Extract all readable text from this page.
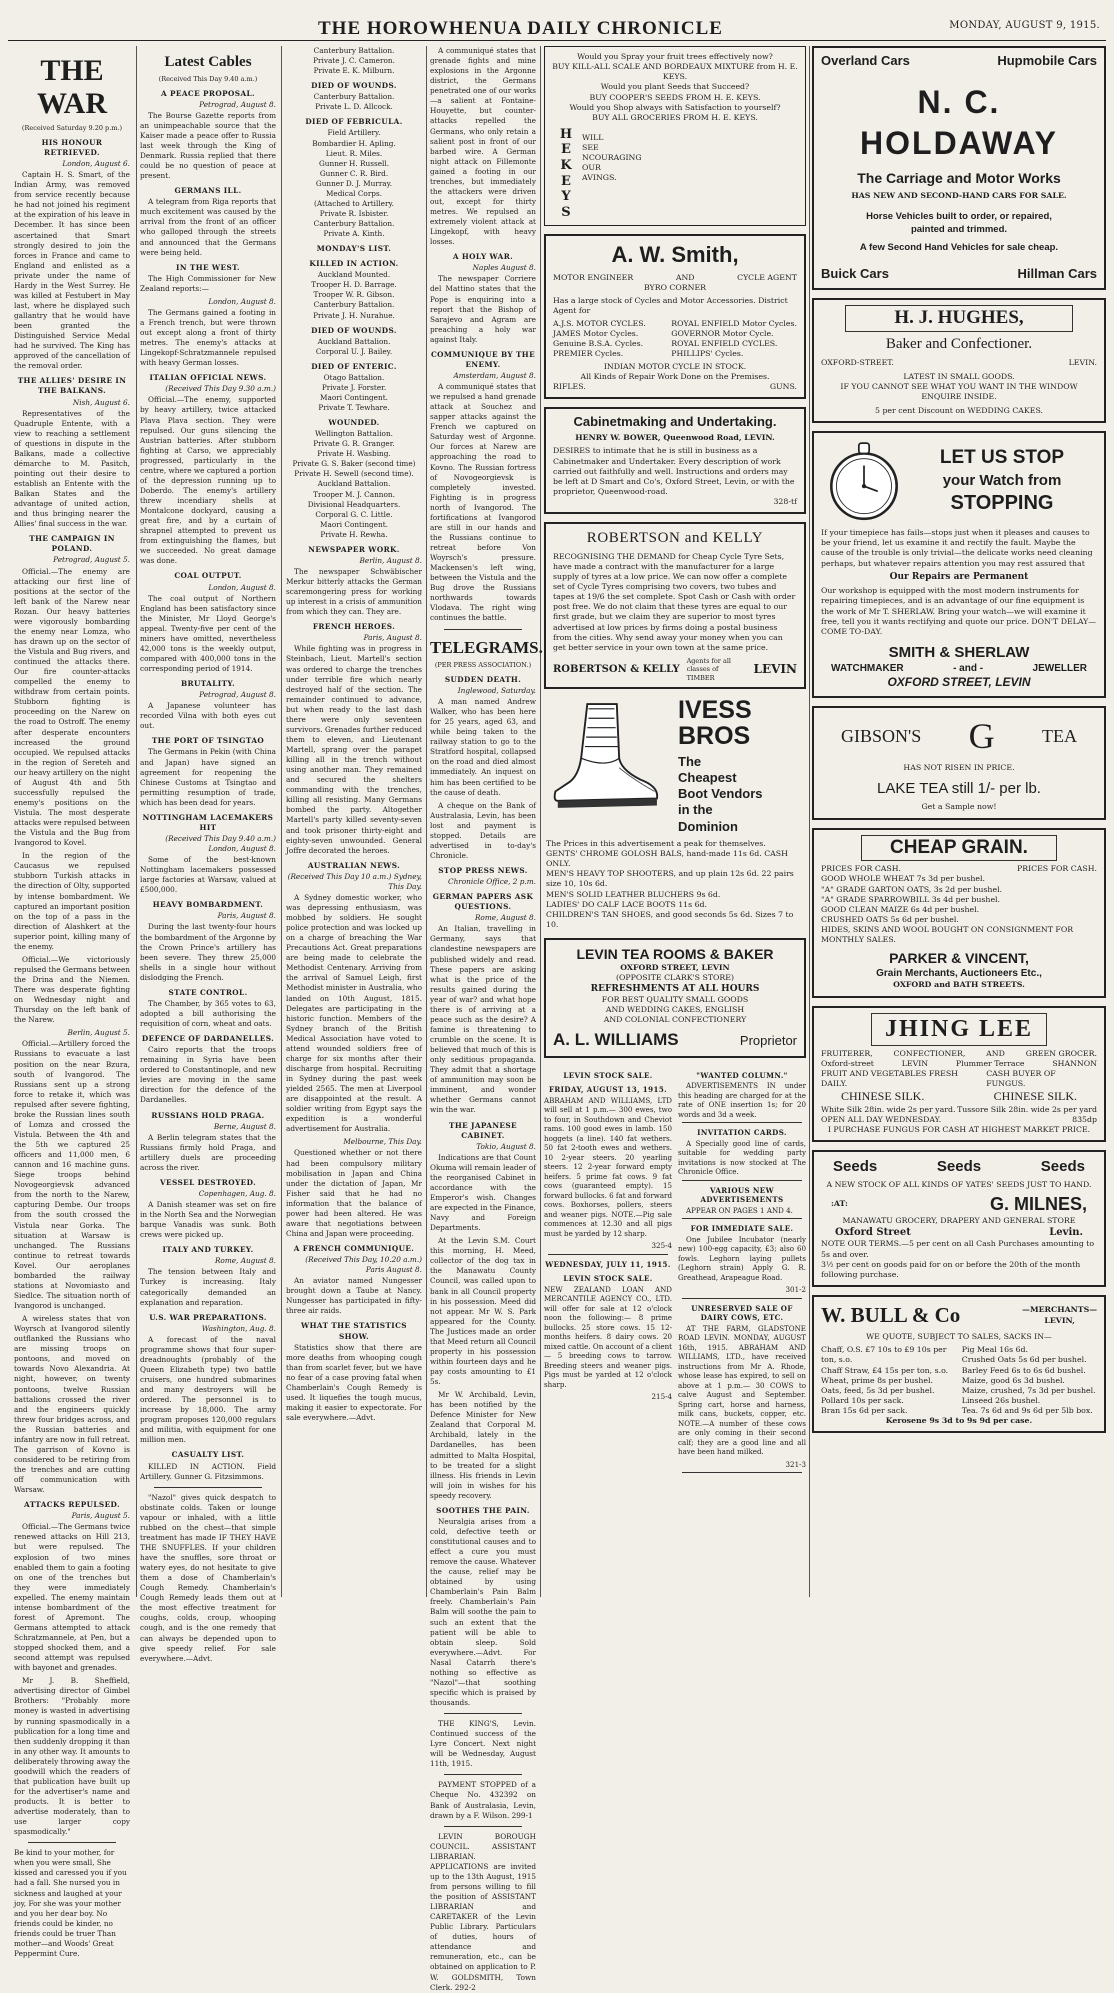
THE HOROWHENUA DAILY CHRONICLE	MONDAY, AUGUST 9, 1915.
THE WAR
(Received Saturday 9.20 p.m.)
HIS HONOUR RETRIEVED.
London, August 6.

Captain H. S. Smart, of the Indian Army, was removed from service recently because he had not joined his regiment at the expiration of his leave in December. It has since been ascertained that Smart strongly desired to join the forces in France and came to England and enlisted as a private under the name of Hardy in the West Surrey. He was killed at Festubert in May last, where he displayed such gallantry that he would have been granted the Distinguished Service Medal had he survived. The King has approved of the cancellation of the removal order.

THE ALLIES' DESIRE IN THE BALKANS.
Nish, August 6.

Representatives of the Quadruple Entente, with a view to reaching a settlement of questions in dispute in the Balkans, made a collective démarche to M. Pasitch, pointing out their desire to establish an Entente with the Balkan States and the advantage of united action, and thus bringing nearer the Allies' final success in the war.

THE CAMPAIGN IN POLAND.
Petrograd, August 5.

Official.—The enemy are attacking our first line of positions at the sector of the left bank of the Narew near Rozan. Our heavy batteries were vigorously bombarding the enemy near Lomza, who has drawn up on the sector of the Vistula and Bug rivers, and continued the attacks there. Our fire counter-attacks compelled the enemy to withdraw from certain points. Stubborn fighting is proceeding on the Narew on the road to Ostroff. The enemy after desperate encounters increased the ground occupied. We repulsed attacks in the region of Sereteh and our heavy artillery on the night of August 4th and 5th successfully repulsed the enemy's positions on the Vistula. The most desperate attacks were repulsed between the Vistula and the Bug from Ivangorod to Kovel.

In the region of the Caucasus we repulsed stubborn Turkish attacks in the direction of Olty, supported by intense bombardment. We captured an important position on the top of a pass in the direction of Alashkert at the superior point, killing many of the enemy.

Official.—We victoriously repulsed the Germans between the Drina and the Niemen. There was desperate fighting on Wednesday night and Thursday on the left bank of the Narew.

Berlin, August 5.

Official.—Artillery forced the Russians to evacuate a last position on the near Bzura, south of Ivangorod. The Russians sent up a strong force to retake it, which was repulsed after severe fighting, broke the Russian lines south of Lomza and crossed the Vistula. Between the 4th and the 5th we captured 25 officers and 11,000 men, 6 cannon and 16 machine guns. Siege troops behind Novogeorgievsk advanced from the north to the Narew, capturing Dembe. Our troops from the south crossed the Vistula near Gorka. The situation at Warsaw is unchanged. The Russians continue to retreat towards Kovel. Our aeroplanes bombarded the railway stations at Novomiasto and Siedlce. The situation north of Ivangorod is unchanged.

A wireless states that von Woyrsch at Ivangorod silently outflanked the Russians who are missing troops on pontoons, and moved on towards Novo Alexandria. At night, however, on twenty pontoons, twelve Russian battalions crossed the river and the engineers quickly threw four bridges across, and the Russian batteries and infantry are now in full retreat. The garrison of Kovno is considered to be retiring from the trenches and are cutting off communication with Warsaw.

ATTACKS REPULSED.
Paris, August 5.

Official.—The Germans twice renewed attacks on Hill 213, but were repulsed. The explosion of two mines enabled them to gain a footing on one of the trenches but they were immediately expelled. The enemy maintain intense bombardment of the forest of Apremont. The Germans attempted to attack Schratzmannele, at Pen, but a stopped shocked them, and a second attempt was repulsed with bayonet and grenades.

Mr J. B. Sheffield, advertising director of Gimbel Brothers: "Probably more money is wasted in advertising by running spasmodically in a publication for a long time and then suddenly dropping it than in any other way. It amounts to deliberately throwing away the goodwill which the readers of that publication have built up for the advertiser's name and products. It is better to advertise moderately, than to use larger copy spasmodically."

Be kind to your mother, for when you were small, She kissed and caressed you if you had a fall. She nursed you in sickness and laughed at your joy, For she was your mother and you her dear boy. No friends could be kinder, no friends could be truer Than mother—and Woods' Great Peppermint Cure.

Latest Cables
(Received This Day 9.40 a.m.)
A PEACE PROPOSAL.
Petrograd, August 8.

The Bourse Gazette reports from an unimpeachable source that the Kaiser made a peace offer to Russia last week through the King of Denmark. Russia replied that there could be no question of peace at present.

GERMANS ILL.

A telegram from Riga reports that much excitement was caused by the arrival from the front of an officer who galloped through the streets and announced that the Germans were being held.

IN THE WEST.

The High Commissioner for New Zealand reports:—

London, August 8.

The Germans gained a footing in a French trench, but were thrown out except along a front of thirty metres. The enemy's attacks at Lingekopf-Schratzmannele repulsed with heavy German losses.

ITALIAN OFFICIAL NEWS.
(Received This Day 9.30 a.m.)

Official.—The enemy, supported by heavy artillery, twice attacked Plava Plava section. They were repulsed. Our guns silencing the Austrian batteries. After stubborn fighting at Carso, we appreciably progressed, particularly in the centre, where we captured a portion of the depression running up to Doberdo. The enemy's artillery threw incendiary shells at Montalcone dockyard, causing a great fire, and by a curtain of shrapnel attempted to prevent us from extinguishing the flames, but we succeeded. No great damage was done.

COAL OUTPUT.
London, August 8.

The coal output of Northern England has been satisfactory since the Minister, Mr Lloyd George's appeal. Twenty-five per cent of the miners have omitted, nevertheless 42,000 tons is the weekly output, compared with 400,000 tons in the corresponding period of 1914.

BRUTALITY.
Petrograd, August 8.

A Japanese volunteer has recorded Vilna with both eyes cut out.

THE PORT OF TSINGTAO

The Germans in Pekin (with China and Japan) have signed an agreement for reopening the Chinese Customs at Tsingtao and permitting resumption of trade, which has been dead for years.

NOTTINGHAM LACEMAKERS HIT
(Received This Day 9.40 a.m.) London, August 8.

Some of the best-known Nottingham lacemakers possessed large factories at Warsaw, valued at £500,000.

HEAVY BOMBARDMENT.
Paris, August 8.

During the last twenty-four hours the bombardment of the Argonne by the Crown Prince's artillery has been severe. They threw 25,000 shells in a single hour without dislodging the French.

STATE CONTROL.

The Chamber, by 365 votes to 63, adopted a bill authorising the requisition of corn, wheat and oats.

DEFENCE OF DARDANELLES.

Cairo reports that the troops remaining in Syria have been ordered to Constantinople, and new levies are moving in the same direction for the defence of the Dardanelles.

RUSSIANS HOLD PRAGA.
Berne, August 8.

A Berlin telegram states that the Russians firmly hold Praga, and artillery duels are proceeding across the river.

VESSEL DESTROYED.
Copenhagen, Aug. 8.

A Danish steamer was set on fire in the North Sea and the Norwegian barque Vanadis was sunk. Both crews were picked up.

ITALY AND TURKEY.
Rome, August 8.

The tension between Italy and Turkey is increasing. Italy categorically demanded an explanation and reparation.

U.S. WAR PREPARATIONS.
Washington, Aug. 8.

A forecast of the naval programme shows that four super-dreadnoughts (probably of the Queen Elizabeth type) two battle cruisers, one hundred submarines and many destroyers will be ordered. The personnel is to increase by 18,000. The army program proposes 120,000 regulars and militia, with equipment for one million men.

CASUALTY LIST.

KILLED IN ACTION. Field Artillery. Gunner G. Fitzsimmons.

"Nazol" gives quick despatch to obstinate colds. Taken or lounge vapour or inhaled, with a little rubbed on the chest—that simple treatment has made IF THEY HAVE THE SNUFFLES. If your children have the snuffles, sore throat or watery eyes, do not hesitate to give them a dose of Chamberlain's Cough Remedy. Chamberlain's Cough Remedy leads them out at the most effective treatment for coughs, colds, croup, whooping cough, and is the one remedy that can always be depended upon to give speedy relief. For sale everywhere.—Advt.

Canterbury Battalion.
Private J. C. Cameron.
Private E. K. Milburn.
DIED OF WOUNDS.
Canterbury Battalion.
Private L. D. Allcock.
DIED OF FEBRICULA.
Field Artillery.
Bombardier H. Apling.
Lieut. R. Miles.
Gunner H. Russell.
Gunner C. R. Bird.
Gunner D. J. Murray.
Medical Corps.
(Attached to Artillery.
Private R. Isbister.
Canterbury Battalion.
Private A. Kinth.
MONDAY'S LIST.
KILLED IN ACTION.
Auckland Mounted.
Trooper H. D. Barrage.
Trooper W. R. Gibson.
Canterbury Battalion.
Private J. H. Nurahue.
DIED OF WOUNDS.
Auckland Battalion.
Corporal U. J. Bailey.
DIED OF ENTERIC.
Otago Battalion.
Private J. Forster.
Maori Contingent.
Private T. Tewhare.
WOUNDED.
Wellington Battalion.
Private G. R. Granger.
Private H. Wasbing.
Private G. S. Baker (second time)
Private H. Sewell (second time).
Auckland Battalion.
Trooper M. J. Cannon.
Divisional Headquarters.
Corporal G. C. Little.
Maori Contingent.
Private H. Rewha.
NEWSPAPER WORK.
Berlin, August 8.

The newspaper Schwäbischer Merkur bitterly attacks the German scaremongering press for working up interest in a crisis of ammunition from which they can. They are.

FRENCH HEROES.
Paris, August 8.

While fighting was in progress in Steinbach, Lieut. Martell's section was ordered to charge the trenches under terrible fire which nearly destroyed half of the section. The remainder continued to advance, but when ready to the last dash there were only seventeen survivors. Grenades further reduced them to eleven, and Lieutenant Martell, sprang over the parapet killing all in the trench without using another man. They remained and secured the shelters commanding with the trenches, killing all resisting. Many Germans bombed the party. Altogether Martell's party killed seventy-seven and took prisoner thirty-eight and eighty-seven unwounded. General Joffre decorated the heroes.

AUSTRALIAN NEWS.
(Received This Day 10 a.m.) Sydney, This Day.

A Sydney domestic worker, who was depressing enthusiasm, was mobbed by soldiers. He sought police protection and was locked up on a charge of breaching the War Precautions Act. Great preparations are being made to celebrate the Methodist Centenary. Arriving from the arrival of Samuel Leigh, first Methodist minister in Australia, who landed on 10th August, 1815. Delegates are participating in the historic function. Members of the Sydney branch of the British Medical Association have voted to attend wounded soldiers free of charge for six months after their discharge from hospital. Recruiting in Sydney during the past week yielded 2565. The men at Liverpool are disappointed at the result. A soldier writing from Egypt says the expedition is a wonderful advertisement for Australia.

Melbourne, This Day.

Questioned whether or not there had been compulsory military mobilisation in Japan and China under the dictation of Japan, Mr Fisher said that he had no information that the balance of power had been altered. He was aware that negotiations between China and Japan were proceeding.

A FRENCH COMMUNIQUE.
(Received This Day, 10.20 a.m.) Paris August 8.

An aviator named Nungesser brought down a Taube at Nancy. Nungesser has participated in fifty-three air raids.

WHAT THE STATISTICS SHOW.

Statistics show that there are more deaths from whooping cough than from scarlet fever, but we have no fear of a case proving fatal when Chamberlain's Cough Remedy is used. It liquefies the tough mucus, making it easier to expectorate. For sale everywhere.—Advt.

A communiqué states that grenade fights and mine explosions in the Argonne district, the Germans penetrated one of our works—a salient at Fontaine-Houyette, but counter-attacks repelled the Germans, who only retain a salient post in front of our barbed wire. A German night attack on Fillemonte gained a footing in our trenches, but immediately the attackers were driven out, except for thirty metres. We repulsed an extremely violent attack at Lingekopf, with heavy losses.

A HOLY WAR.
Naples August 8.

The newspaper Corriere del Mattino states that the Pope is enquiring into a report that the Bishop of Sarajevo and Agram are preaching a holy war against Italy.

COMMUNIQUE BY THE ENEMY.
Amsterdam, August 8.

A communiqué states that we repulsed a hand grenade attack at Souchez and sapper attacks against the French we captured on Saturday west of Argonne. Our forces at Narew are approaching the road to Kovno. The Russian fortress of Novogeorgievsk is completely invested. Fighting is in progress north of Ivangorod. The fortifications at Ivangorod are still in our hands and the Russians continue to retreat before Von Woyrsch's pressure. Mackensen's left wing, between the Vistula and the Bug drove the Russians northwards towards Vlodava. The right wing continues the battle.

TELEGRAMS.
(PER PRESS ASSOCIATION.)
SUDDEN DEATH.
Inglewood, Saturday.

A man named Andrew Walker, who has been here for 25 years, aged 63, and while being taken to the railway station to go to the Stratford hospital, collapsed on the road and died almost immediately. An inquest on him has been certified to be the cause of death.

A cheque on the Bank of Australasia, Levin, has been lost and payment is stopped. Details are advertised in to-day's Chronicle.

STOP PRESS NEWS.
Chronicle Office, 2 p.m.
GERMAN PAPERS ASK QUESTIONS.
Rome, August 8.

An Italian, travelling in Germany, says that clandestine newspapers are published widely and read. These papers are asking what is the price of the results gained during the year of war? and what hope there is of arriving at a peace such as the desire? A famine is threatening to crumble on the scene. It is believed that much of this is only seditious propaganda. They admit that a shortage of ammunition may soon be imminent, and wonder whether Germans cannot win the war.

THE JAPANESE CABINET.
Tokio, August 8.

Indications are that Count Okuma will remain leader of the reorganised Cabinet in accordance with the Emperor's wish. Changes are expected in the Finance, Navy and Foreign Departments.

At the Levin S.M. Court this morning, H. Meed, collector of the dog tax in the Manawatu County Council, was called upon to bank in all Council property in his possession. Meed did not appear. Mr W. S. Park appeared for the County. The Justices made an order that Meed return all Council property in his possession within fourteen days and he pay costs amounting to £1 5s.

Mr W. Archibald, Levin, has been notified by the Defence Minister for New Zealand that Corporal M. Archibald, lately in the Dardanelles, has been admitted to Malta Hospital, to be treated for a slight illness. His friends in Levin will join in wishes for his speedy recovery.

SOOTHES THE PAIN.

Neuralgia arises from a cold, defective teeth or constitutional causes and to effect a cure you must remove the cause. Whatever the cause, relief may be obtained by using Chamberlain's Pain Balm freely. Chamberlain's Pain Balm will soothe the pain to such an extent that the patient will be able to obtain sleep. Sold everywhere.—Advt. For Nasal Catarrh there's nothing so effective as "Nazol"—that soothing specific which is praised by thousands.

THE KING'S, Levin. Continued success of the Lyre Concert. Next night will be Wednesday, August 11th, 1915.

PAYMENT STOPPED of a Cheque No. 432392 on Bank of Australasia, Levin, drawn by a F. Wilson. 299-1

LEVIN BOROUGH COUNCIL. ASSISTANT LIBRARIAN. APPLICATIONS are invited up to the 13th August, 1915 from persons willing to fill the position of ASSISTANT LIBRARIAN and CARETAKER of the Levin Public Library. Particulars of duties, hours of attendance and remuneration, etc., can be obtained on application to P. W. GOLDSMITH, Town Clerk. 292-2

Would you Spray your fruit trees effectively now?
BUY KILL-ALL SCALE AND BORDEAUX MIXTURE from H. E. KEYS.
Would you plant Seeds that Succeed?
BUY COOPER'S SEEDS FROM H. E. KEYS.
Would you Shop always with Satisfaction to yourself?
BUY ALL GROCERIES FROM H. E. KEYS.
H
E
K
E
Y
S
WILL
SEE
NCOURAGING
OUR
AVINGS.
A. W. Smith,
MOTOR ENGINEER	AND	CYCLE AGENT
BYRO CORNER
Has a large stock of Cycles and Motor Accessories. District Agent for
A.J.S. MOTOR CYCLES.
JAMES Motor Cycles.
Genuine B.S.A. Cycles.
PREMIER Cycles.
ROYAL ENFIELD Motor Cycles.
GOVERNOR Motor Cycle.
ROYAL ENFIELD CYCLES.
PHILLIPS' Cycles.
INDIAN MOTOR CYCLE IN STOCK.
All Kinds of Repair Work Done on the Premises.
RIFLES.	GUNS.
Cabinetmaking and Undertaking.
HENRY W. BOWER, Queenwood Road, LEVIN.
DESIRES to intimate that he is still in business as a Cabinetmaker and Undertaker. Every description of work carried out faithfully and well. Instructions and orders may be left at D Smart and Co's, Oxford Street, Levin, or with the proprietor, Queenwood-road.
328-tf
ROBERTSON and KELLY
RECOGNISING THE DEMAND for Cheap Cycle Tyre Sets, have made a contract with the manufacturer for a large supply of tyres at a low price. We can now offer a complete set of Cycle Tyres comprising two covers, two tubes and tapes at 19/6 the set complete. Spot Cash or Cash with order post free. We do not claim that these tyres are equal to our first grade, but we claim they are superior to most tyres advertised at low prices by firms doing a postal business from the cities. Why send away your money when you can get better service in your own town at the same price.
ROBERTSON & KELLY
Agents for all classes of TIMBER
LEVIN
IVESS
BROS
The
Cheapest
Boot Vendors
in the
Dominion
The Prices in this advertisement a peak for themselves.
GENTS' CHROME GOLOSH BALS, hand-made 11s 6d. CASH ONLY.
MEN'S HEAVY TOP SHOOTERS, and up plain 12s 6d. 22 pairs size 10, 10s 6d.
MEN'S SOLID LEATHER BLUCHERS 9s 6d.
LADIES' DO CALF LACE BOOTS 11s 6d.
CHILDREN'S TAN SHOES, and good seconds 5s 6d. Sizes 7 to 10.
LEVIN TEA ROOMS & BAKER
OXFORD STREET, LEVIN
(OPPOSITE CLARK'S STORE)
REFRESHMENTS AT ALL HOURS
FOR BEST QUALITY SMALL GOODS
AND WEDDING CAKES, ENGLISH
AND COLONIAL CONFECTIONERY
A. L. WILLIAMS	Proprietor
LEVIN STOCK SALE.
FRIDAY, AUGUST 13, 1915.

ABRAHAM AND WILLIAMS, LTD will sell at 1 p.m.— 300 ewes, two to four, in Southdown and Cheviot rams. 100 good ewes in lamb. 150 hoggets (a line). 140 fat wethers. 50 fat 2-tooth ewes and wethers. 10 2-year steers. 20 yearling steers. 12 2-year forward empty heifers. 5 prime fat cows. 9 fat cows (guaranteed empty). 15 forward bullocks. 6 fat and forward cows. Boxhorses, pollers, steers and weaner pigs. NOTE.—Pig sale commences at 12.30 and all pigs must be yarded by 12 sharp.

325-4
WEDNESDAY, JULY 11, 1915.
LEVIN STOCK SALE.

NEW ZEALAND LOAN AND MERCANTILE AGENCY CO., LTD. will offer for sale at 12 o'clock noon the following:— 8 prime bullocks. 25 store cows. 15 12-months heifers. 8 dairy cows. 20 mixed cattle. On account of a client— 5 breeding cows to tarrow. Breeding steers and weaner pigs. Pigs must be yarded at 12 o'clock sharp.

215-4
"WANTED COLUMN."

ADVERTISEMENTS IN under this heading are charged for at the rate of ONE insertion 1s; for 20 words and 3d a week.

INVITATION CARDS.

A Specially good line of cards, suitable for wedding party invitations is now stocked at The Chronicle Office.

VARIOUS NEW ADVERTISEMENTS

APPEAR ON PAGES 1 AND 4.

FOR IMMEDIATE SALE.

One Jubilee Incubator (nearly new) 100-egg capacity, £3; also 60 fowls. Leghorn laying pullets (Leghorn strain) Apply G. R. Greathead, Arapeague Road.

301-2
UNRESERVED SALE OF DAIRY COWS, ETC.

AT THE FARM, GLADSTONE ROAD LEVIN. MONDAY, AUGUST 16th, 1915. ABRAHAM AND WILLIAMS, LTD., have received instructions from Mr A. Rhode, whose lease has expired, to sell on above at 1 p.m.— 30 COWS to calve August and September. Spring cart, horse and harness, milk cans, buckets, copper, etc. NOTE.—A number of these cows are only coming in their second calf; they are a good line and all have been hand milked.

321-3
Overland Cars	Hupmobile Cars
N. C. HOLDAWAY
The Carriage and Motor Works
HAS NEW AND SECOND-HAND CARS FOR SALE.
Horse Vehicles built to order, or repaired,
painted and trimmed.
A few Second Hand Vehicles for sale cheap.
Buick Cars	Hillman Cars
H. J. HUGHES,
Baker and Confectioner.
OXFORD-STREET.	LEVIN.
LATEST IN SMALL GOODS.
IF YOU CANNOT SEE WHAT YOU WANT IN THE WINDOW ENQUIRE INSIDE.
5 per cent Discount on WEDDING CAKES.
LET US STOP
your Watch from
STOPPING
If your timepiece has fails—stops just when it pleases and causes to be your friend, let us examine it and rectify the fault. Maybe the cause of the trouble is only trivial—the delicate works need cleaning perhaps, but whatever repairs attention you may rest assured that
Our Repairs are Permanent
Our workshop is equipped with the most modern instruments for repairing timepieces, and is an advantage of our fine equipment is the work of Mr T. SHERLAW. Bring your watch—we will examine it free, tell you it wants rectifying and quote our price. DON'T DELAY—COME TO-DAY.
SMITH & SHERLAW
WATCHMAKER	- and -	JEWELLER
OXFORD STREET, LEVIN
GIBSON'S G	TEA
HAS NOT RISEN IN PRICE.
LAKE TEA still 1/- per lb.
Get a Sample now!
CHEAP GRAIN.
PRICES FOR CASH.	PRICES FOR CASH.
GOOD WHOLE WHEAT 7s 3d per bushel.
"A" GRADE GARTON OATS, 3s 2d per bushel.
"A" GRADE SPARROWBILL 3s 4d per bushel.
GOOD CLEAN MAIZE 6s 4d per bushel.
CRUSHED OATS 5s 6d per bushel.
HIDES, SKINS AND WOOL BOUGHT ON CONSIGNMENT FOR MONTHLY SALES.
PARKER & VINCENT,
Grain Merchants, Auctioneers Etc.,
OXFORD and BATH STREETS.
JHING LEE
FRUITERER,	CONFECTIONER,	AND	GREEN GROCER.
Oxford-street	LEVIN	Plummer Terrace	SHANNON
FRUIT AND VEGETABLES FRESH DAILY.
CASH BUYER OF FUNGUS.
CHINESE SILK.	CHINESE SILK.
White Silk 28in. wide 2s per yard. Tussore Silk 28in. wide 2s per yard
OPEN ALL DAY WEDNESDAY.	835dp
I PURCHASE FUNGUS FOR CASH AT HIGHEST MARKET PRICE.
Seeds	Seeds	Seeds
A NEW STOCK OF ALL KINDS OF YATES' SEEDS JUST TO HAND.
:AT:	G. MILNES,
MANAWATU GROCERY, DRAPERY AND GENERAL STORE
Oxford Street	Levin.
NOTE OUR TERMS.—5 per cent on all Cash Purchases amounting to 5s and over.
3½ per cent on goods paid for on or before the 20th of the month following purchase.
W. BULL & Co	—MERCHANTS—
LEVIN,
WE QUOTE, SUBJECT TO SALES, SACKS IN—
Chaff, O.S. £7 10s to £9 10s per ton, s.o.
Chaff Straw, £4 15s per ton, s.o.
Wheat, prime 8s per bushel.
Oats, feed, 5s 3d per bushel.
Pollard 10s per sack.
Bran 15s 6d per sack.
Pig Meal 16s 6d.
Crushed Oats 5s 6d per bushel.
Barley Feed 6s to 6s 6d bushel.
Maize, good 6s 3d bushel.
Maize, crushed, 7s 3d per bushel.
Linseed 26s bushel.
Tea. 7s 6d and 9s 6d per 5lb box.
Kerosene 9s 3d to 9s 9d per case.
